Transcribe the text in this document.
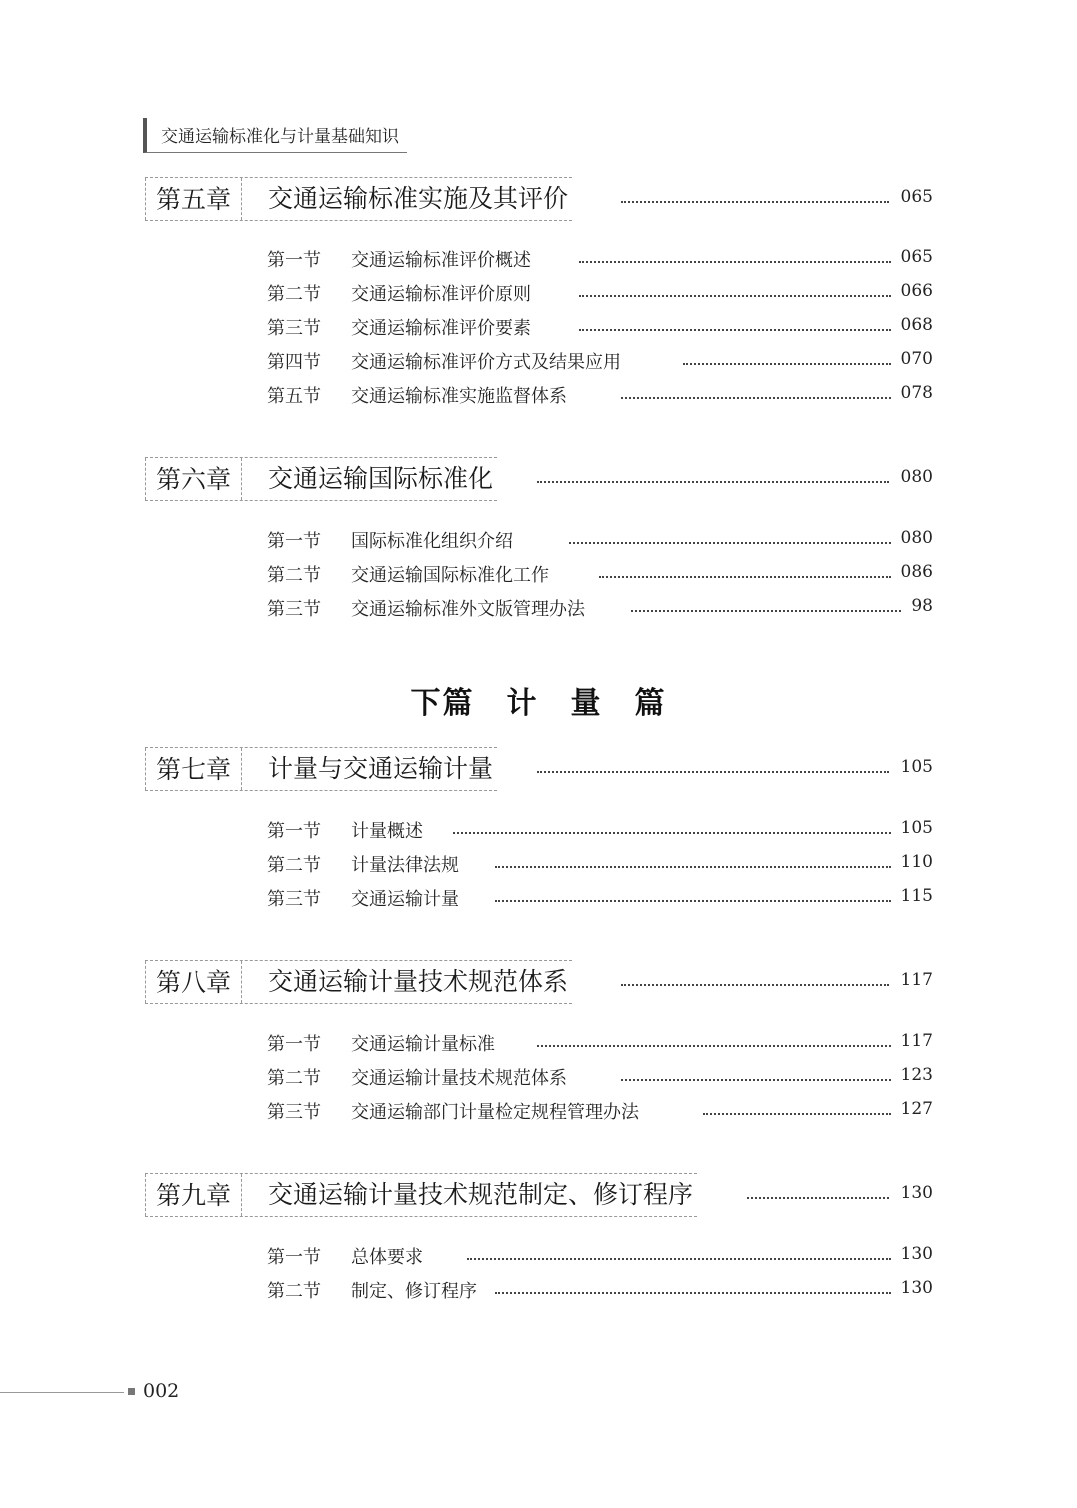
交通运输标准化与计量基础知识
第五章	交通运输标准实施及其评价	065
第一节 交通运输标准评价概述	065
第二节 交通运输标准评价原则	066
第三节 交通运输标准评价要素	068
第四节 交通运输标准评价方式及结果应用	070
第五节 交通运输标准实施监督体系	078
第六章	交通运输国际标准化	080
第一节 国际标准化组织介绍	080
第二节 交通运输国际标准化工作	086
第三节 交通运输标准外文版管理办法	98
下篇　计　量　篇
第七章	计量与交通运输计量	105
第一节 计量概述	105
第二节 计量法律法规	110
第三节 交通运输计量	115
第八章	交通运输计量技术规范体系	117
第一节 交通运输计量标准	117
第二节 交通运输计量技术规范体系	123
第三节 交通运输部门计量检定规程管理办法	127
第九章	交通运输计量技术规范制定、修订程序	130
第一节 总体要求	130
第二节 制定、修订程序	130
002
